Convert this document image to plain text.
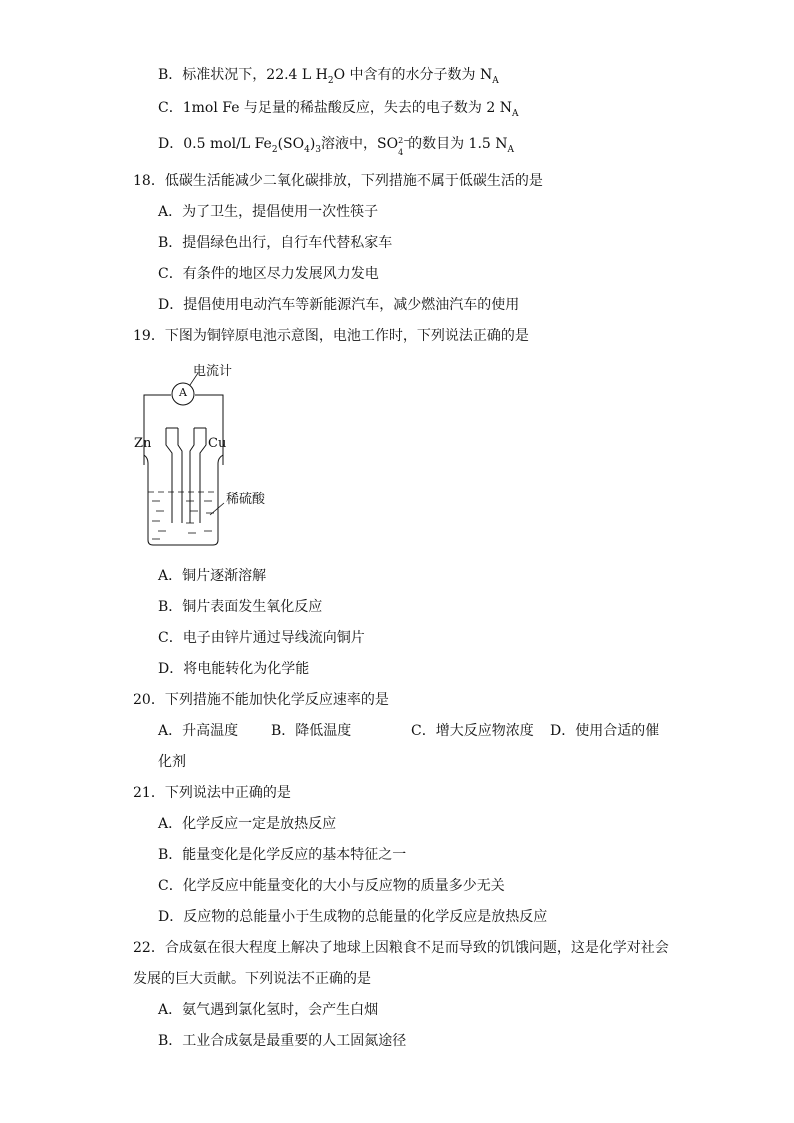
B．标准状况下，22.4 L $H_2O$ 中含有的水分子数为 $N_A$
C．1mol Fe 与足量的稀盐酸反应，失去的电子数为 2 $N_A$
D．0.5 mol/L $Fe_2(SO_4)_3$溶液中，SO 2−
4
的数目为 1.5 $N_A$
18．低碳生活能减少二氧化碳排放，下列措施不属于低碳生活的是
A．为了卫生，提倡使用一次性筷子
B．提倡绿色出行，自行车代替私家车
C．有条件的地区尽力发展风力发电
D．提倡使用电动汽车等新能源汽车，减少燃油汽车的使用
19．下图为铜锌原电池示意图，电池工作时，下列说法正确的是
电流计
A
Zn	Cu
稀硫酸
A．铜片逐渐溶解
B．铜片表面发生氧化反应
C．电子由锌片通过导线流向铜片
D．将电能转化为化学能
20．下列措施不能加快化学反应速率的是
A．升高温度 B．降低温度	C．增大反应物浓度 D．使用合适的催
化剂
21．下列说法中正确的是
A．化学反应一定是放热反应
B．能量变化是化学反应的基本特征之一
C．化学反应中能量变化的大小与反应物的质量多少无关
D．反应物的总能量小于生成物的总能量的化学反应是放热反应
22．合成氨在很大程度上解决了地球上因粮食不足而导致的饥饿问题，这是化学对社会
发展的巨大贡献。下列说法不正确的是
A．氨气遇到氯化氢时，会产生白烟
B．工业合成氨是最重要的人工固氮途径
